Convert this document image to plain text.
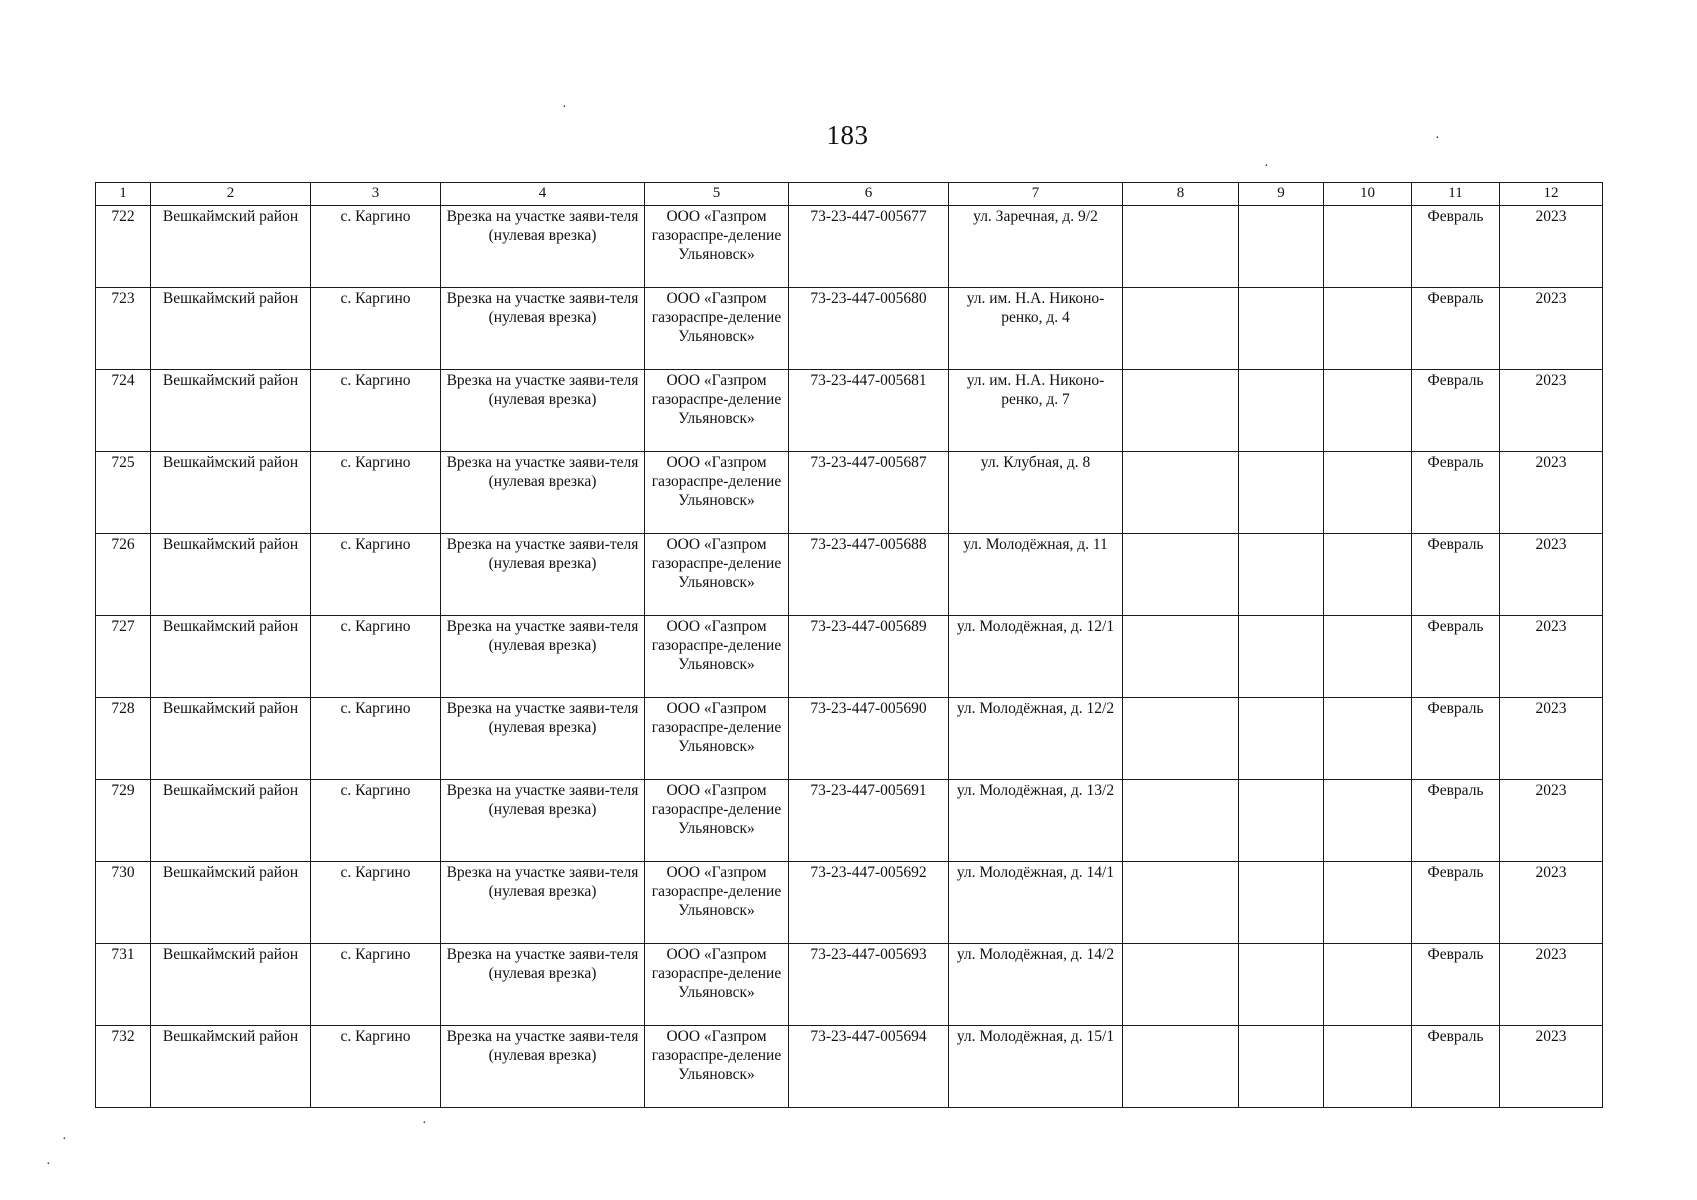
183
·
·
·
·
·
·
1	2	3	4	5	6	7	8	9	10	11	12
722	Вешкаймский район	с. Каргино	Врезка на участке заяви-теля (нулевая врезка)	ООО «Газпром газораспре-деление Ульяновск»	73-23-447-005677	ул. Заречная, д. 9/2				Февраль	2023
723	Вешкаймский район	с. Каргино	Врезка на участке заяви-теля (нулевая врезка)	ООО «Газпром газораспре-деление Ульяновск»	73-23-447-005680	ул. им. Н.А. Никоно-ренко, д. 4				Февраль	2023
724	Вешкаймский район	с. Каргино	Врезка на участке заяви-теля (нулевая врезка)	ООО «Газпром газораспре-деление Ульяновск»	73-23-447-005681	ул. им. Н.А. Никоно-ренко, д. 7				Февраль	2023
725	Вешкаймский район	с. Каргино	Врезка на участке заяви-теля (нулевая врезка)	ООО «Газпром газораспре-деление Ульяновск»	73-23-447-005687	ул. Клубная, д. 8				Февраль	2023
726	Вешкаймский район	с. Каргино	Врезка на участке заяви-теля (нулевая врезка)	ООО «Газпром газораспре-деление Ульяновск»	73-23-447-005688	ул. Молодёжная, д. 11				Февраль	2023
727	Вешкаймский район	с. Каргино	Врезка на участке заяви-теля (нулевая врезка)	ООО «Газпром газораспре-деление Ульяновск»	73-23-447-005689	ул. Молодёжная, д. 12/1				Февраль	2023
728	Вешкаймский район	с. Каргино	Врезка на участке заяви-теля (нулевая врезка)	ООО «Газпром газораспре-деление Ульяновск»	73-23-447-005690	ул. Молодёжная, д. 12/2				Февраль	2023
729	Вешкаймский район	с. Каргино	Врезка на участке заяви-теля (нулевая врезка)	ООО «Газпром газораспре-деление Ульяновск»	73-23-447-005691	ул. Молодёжная, д. 13/2				Февраль	2023
730	Вешкаймский район	с. Каргино	Врезка на участке заяви-теля (нулевая врезка)	ООО «Газпром газораспре-деление Ульяновск»	73-23-447-005692	ул. Молодёжная, д. 14/1				Февраль	2023
731	Вешкаймский район	с. Каргино	Врезка на участке заяви-теля (нулевая врезка)	ООО «Газпром газораспре-деление Ульяновск»	73-23-447-005693	ул. Молодёжная, д. 14/2				Февраль	2023
732	Вешкаймский район	с. Каргино	Врезка на участке заяви-теля (нулевая врезка)	ООО «Газпром газораспре-деление Ульяновск»	73-23-447-005694	ул. Молодёжная, д. 15/1				Февраль	2023
